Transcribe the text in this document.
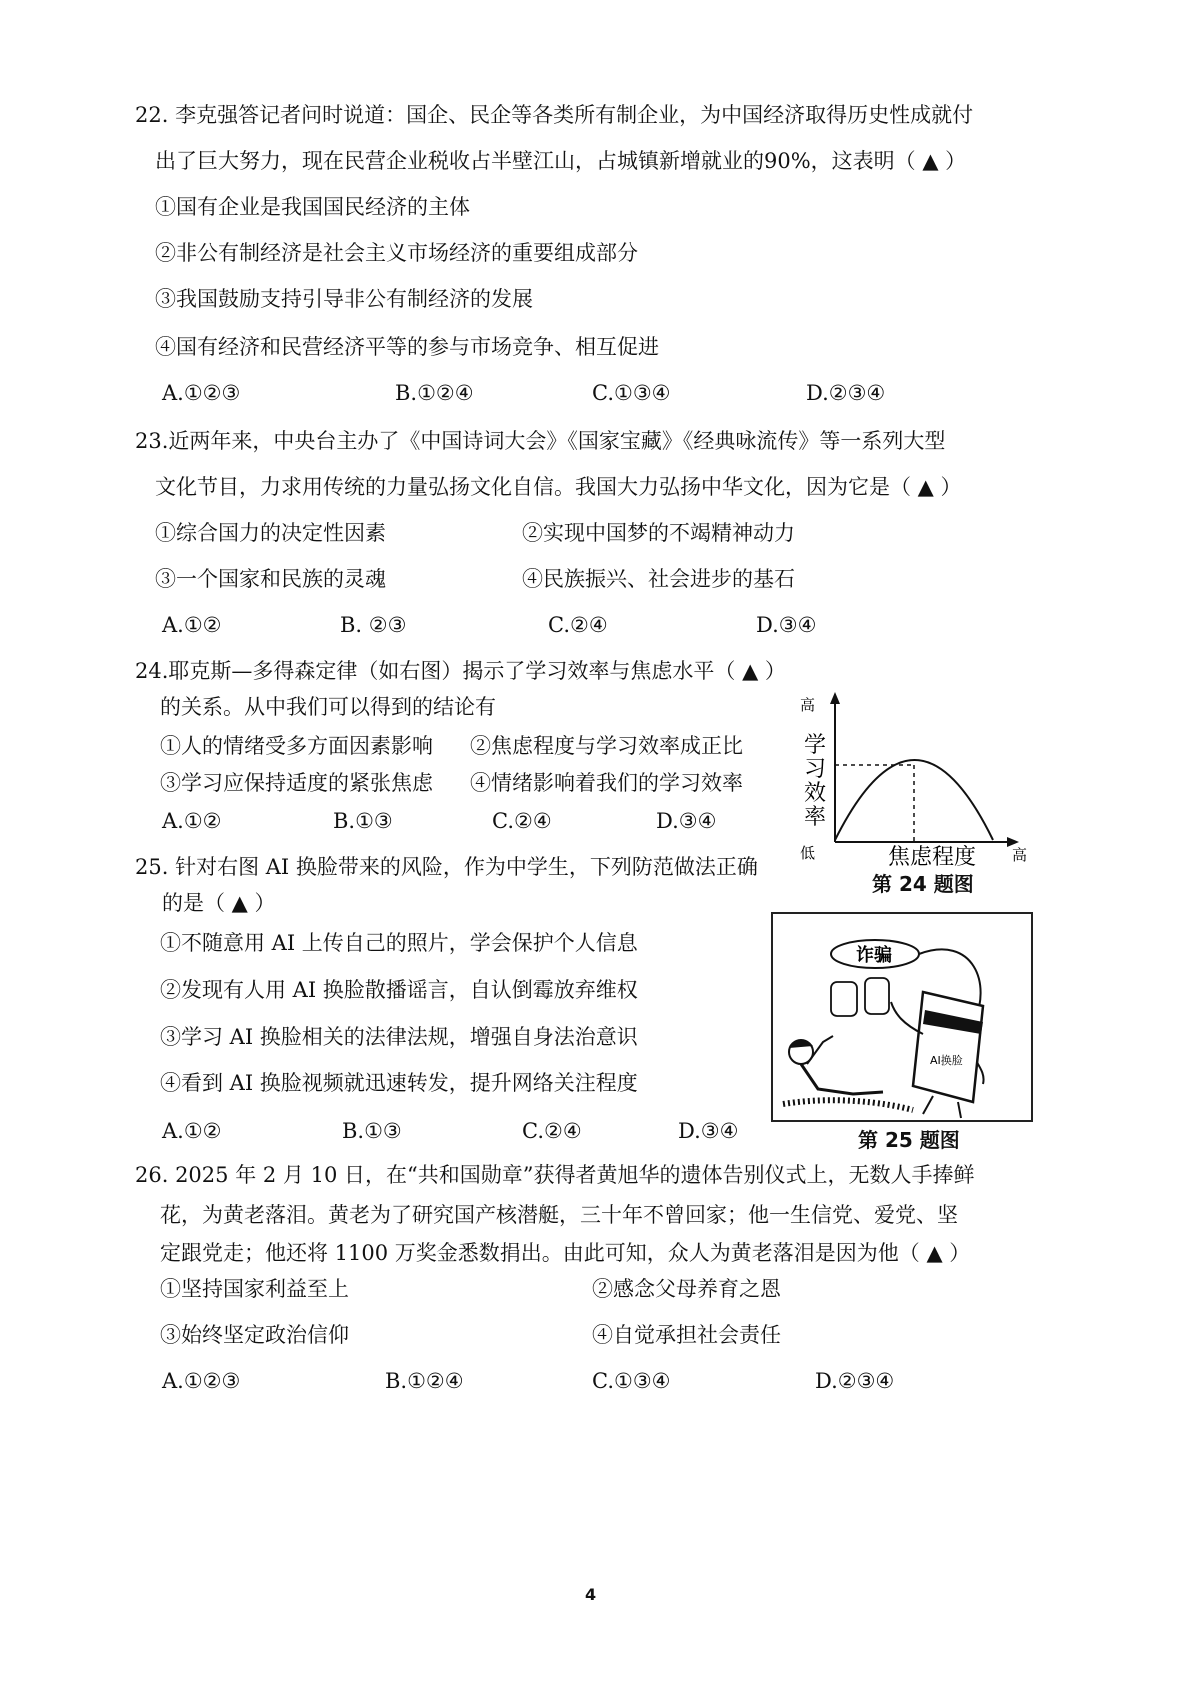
22. 李克强答记者问时说道：国企、民企等各类所有制企业，为中国经济取得历史性成就付
出了巨大努力，现在民营企业税收占半壁江山，占城镇新增就业的90%，这表明（ ▲ ）
①国有企业是我国国民经济的主体
②非公有制经济是社会主义市场经济的重要组成部分
③我国鼓励支持引导非公有制经济的发展
④国有经济和民营经济平等的参与市场竞争、相互促进
A.①②③	B.①②④	C.①③④	D.②③④
23.近两年来，中央台主办了《中国诗词大会》《国家宝藏》《经典咏流传》等一系列大型
文化节目，力求用传统的力量弘扬文化自信。我国大力弘扬中华文化，因为它是（ ▲ ）
①综合国力的决定性因素	②实现中国梦的不竭精神动力
③一个国家和民族的灵魂	④民族振兴、社会进步的基石
A.①②	B. ②③	C.②④	D.③④
24.耶克斯—多得森定律（如右图）揭示了学习效率与焦虑水平（ ▲ ）
的关系。从中我们可以得到的结论有
①人的情绪受多方面因素影响 ②焦虑程度与学习效率成正比
③学习应保持适度的紧张焦虑 ④情绪影响着我们的学习效率
A.①②	B.①③	C.②④	D.③④
高
低
学
习
效
率
焦虑程度 高
第 24 题图
25. 针对右图 AI 换脸带来的风险，作为中学生，下列防范做法正确
的是（ ▲ ）
①不随意用 AI 上传自己的照片，学会保护个人信息
②发现有人用 AI 换脸散播谣言，自认倒霉放弃维权
③学习 AI 换脸相关的法律法规，增强自身法治意识
④看到 AI 换脸视频就迅速转发，提升网络关注程度
A.①②	B.①③	C.②④	D.③④
诈骗
AI换脸
第 25 题图
26. 2025 年 2 月 10 日，在“共和国勋章”获得者黄旭华的遗体告别仪式上，无数人手捧鲜
花，为黄老落泪。黄老为了研究国产核潜艇，三十年不曾回家；他一生信党、爱党、坚
定跟党走；他还将 1100 万奖金悉数捐出。由此可知，众人为黄老落泪是因为他（ ▲ ）
①坚持国家利益至上	②感念父母养育之恩
③始终坚定政治信仰	④自觉承担社会责任
A.①②③	B.①②④	C.①③④	D.②③④
4
